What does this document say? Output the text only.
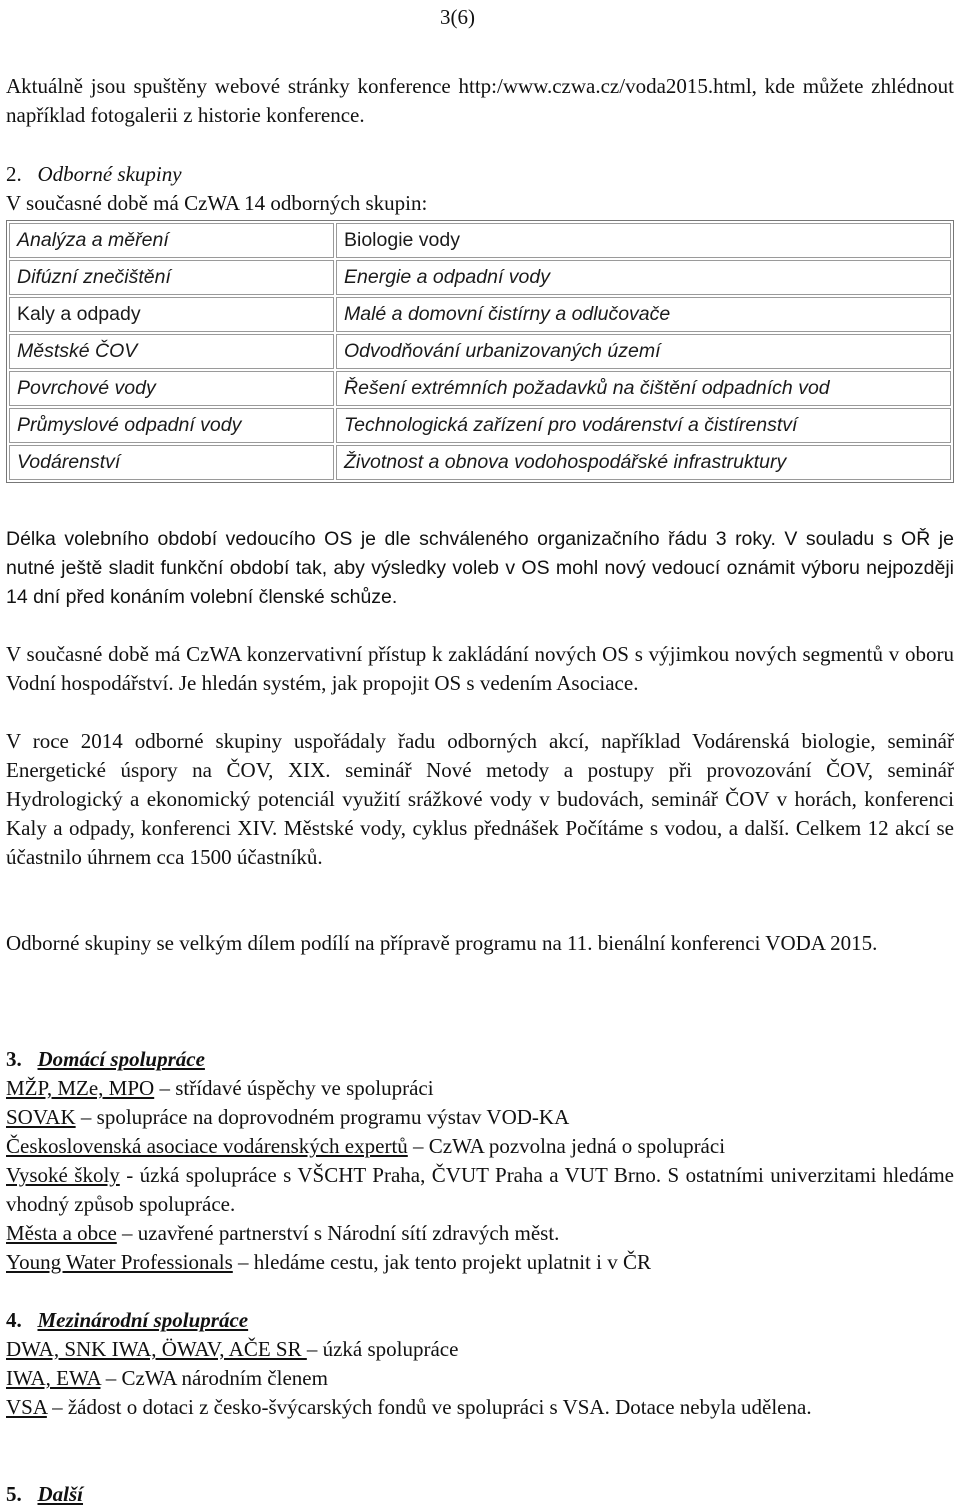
3(6)
Aktuálně jsou spuštěny webové stránky konference http:/www.czwa.cz/voda2015.html, kde můžete zhlédnout například fotogalerii z historie konference.
2. Odborné skupiny
V současné době má CzWA 14 odborných skupin:
Analýza a měření	Biologie vody
Difúzní znečištění	Energie a odpadní vody
Kaly a odpady	Malé a domovní čistírny a odlučovače
Městské ČOV	Odvodňování urbanizovaných území
Povrchové vody	Řešení extrémních požadavků na čištění odpadních vod
Průmyslové odpadní vody	Technologická zařízení pro vodárenství a čistírenství
Vodárenství	Životnost a obnova vodohospodářské infrastruktury
Délka volebního období vedoucího OS je dle schváleného organizačního řádu 3 roky. V souladu s OŘ je nutné ještě sladit funkční období tak, aby výsledky voleb v OS mohl nový vedoucí oznámit výboru nejpozději 14 dní před konáním volební členské schůze.
V současné době má CzWA konzervativní přístup k zakládání nových OS s výjimkou nových segmentů v oboru Vodní hospodářství. Je hledán systém, jak propojit OS s vedením Asociace.
V roce 2014 odborné skupiny uspořádaly řadu odborných akcí, například Vodárenská biologie, seminář Energetické úspory na ČOV, XIX. seminář Nové metody a postupy při provozování ČOV, seminář Hydrologický a ekonomický potenciál využití srážkové vody v budovách, seminář ČOV v horách, konferenci Kaly a odpady, konferenci XIV. Městské vody, cyklus přednášek Počítáme s vodou, a další. Celkem 12 akcí se účastnilo úhrnem cca 1500 účastníků.
Odborné skupiny se velkým dílem podílí na přípravě programu na 11. bienální konferenci VODA 2015.
3. Domácí spolupráce
MŽP, MZe, MPO – střídavé úspěchy ve spolupráci
SOVAK – spolupráce na doprovodném programu výstav VOD-KA
Československá asociace vodárenských expertů – CzWA pozvolna jedná o spolupráci
Vysoké školy - úzká spolupráce s VŠCHT Praha, ČVUT Praha a VUT Brno. S ostatními univerzitami hledáme vhodný způsob spolupráce.
Města a obce – uzavřené partnerství s Národní sítí zdravých měst.
Young Water Professionals – hledáme cestu, jak tento projekt uplatnit i v ČR
4. Mezinárodní spolupráce
DWA, SNK IWA, ÖWAV, AČE SR – úzká spolupráce
IWA, EWA – CzWA národním členem
VSA – žádost o dotaci z česko-švýcarských fondů ve spolupráci s VSA. Dotace nebyla udělena.
5. Další
